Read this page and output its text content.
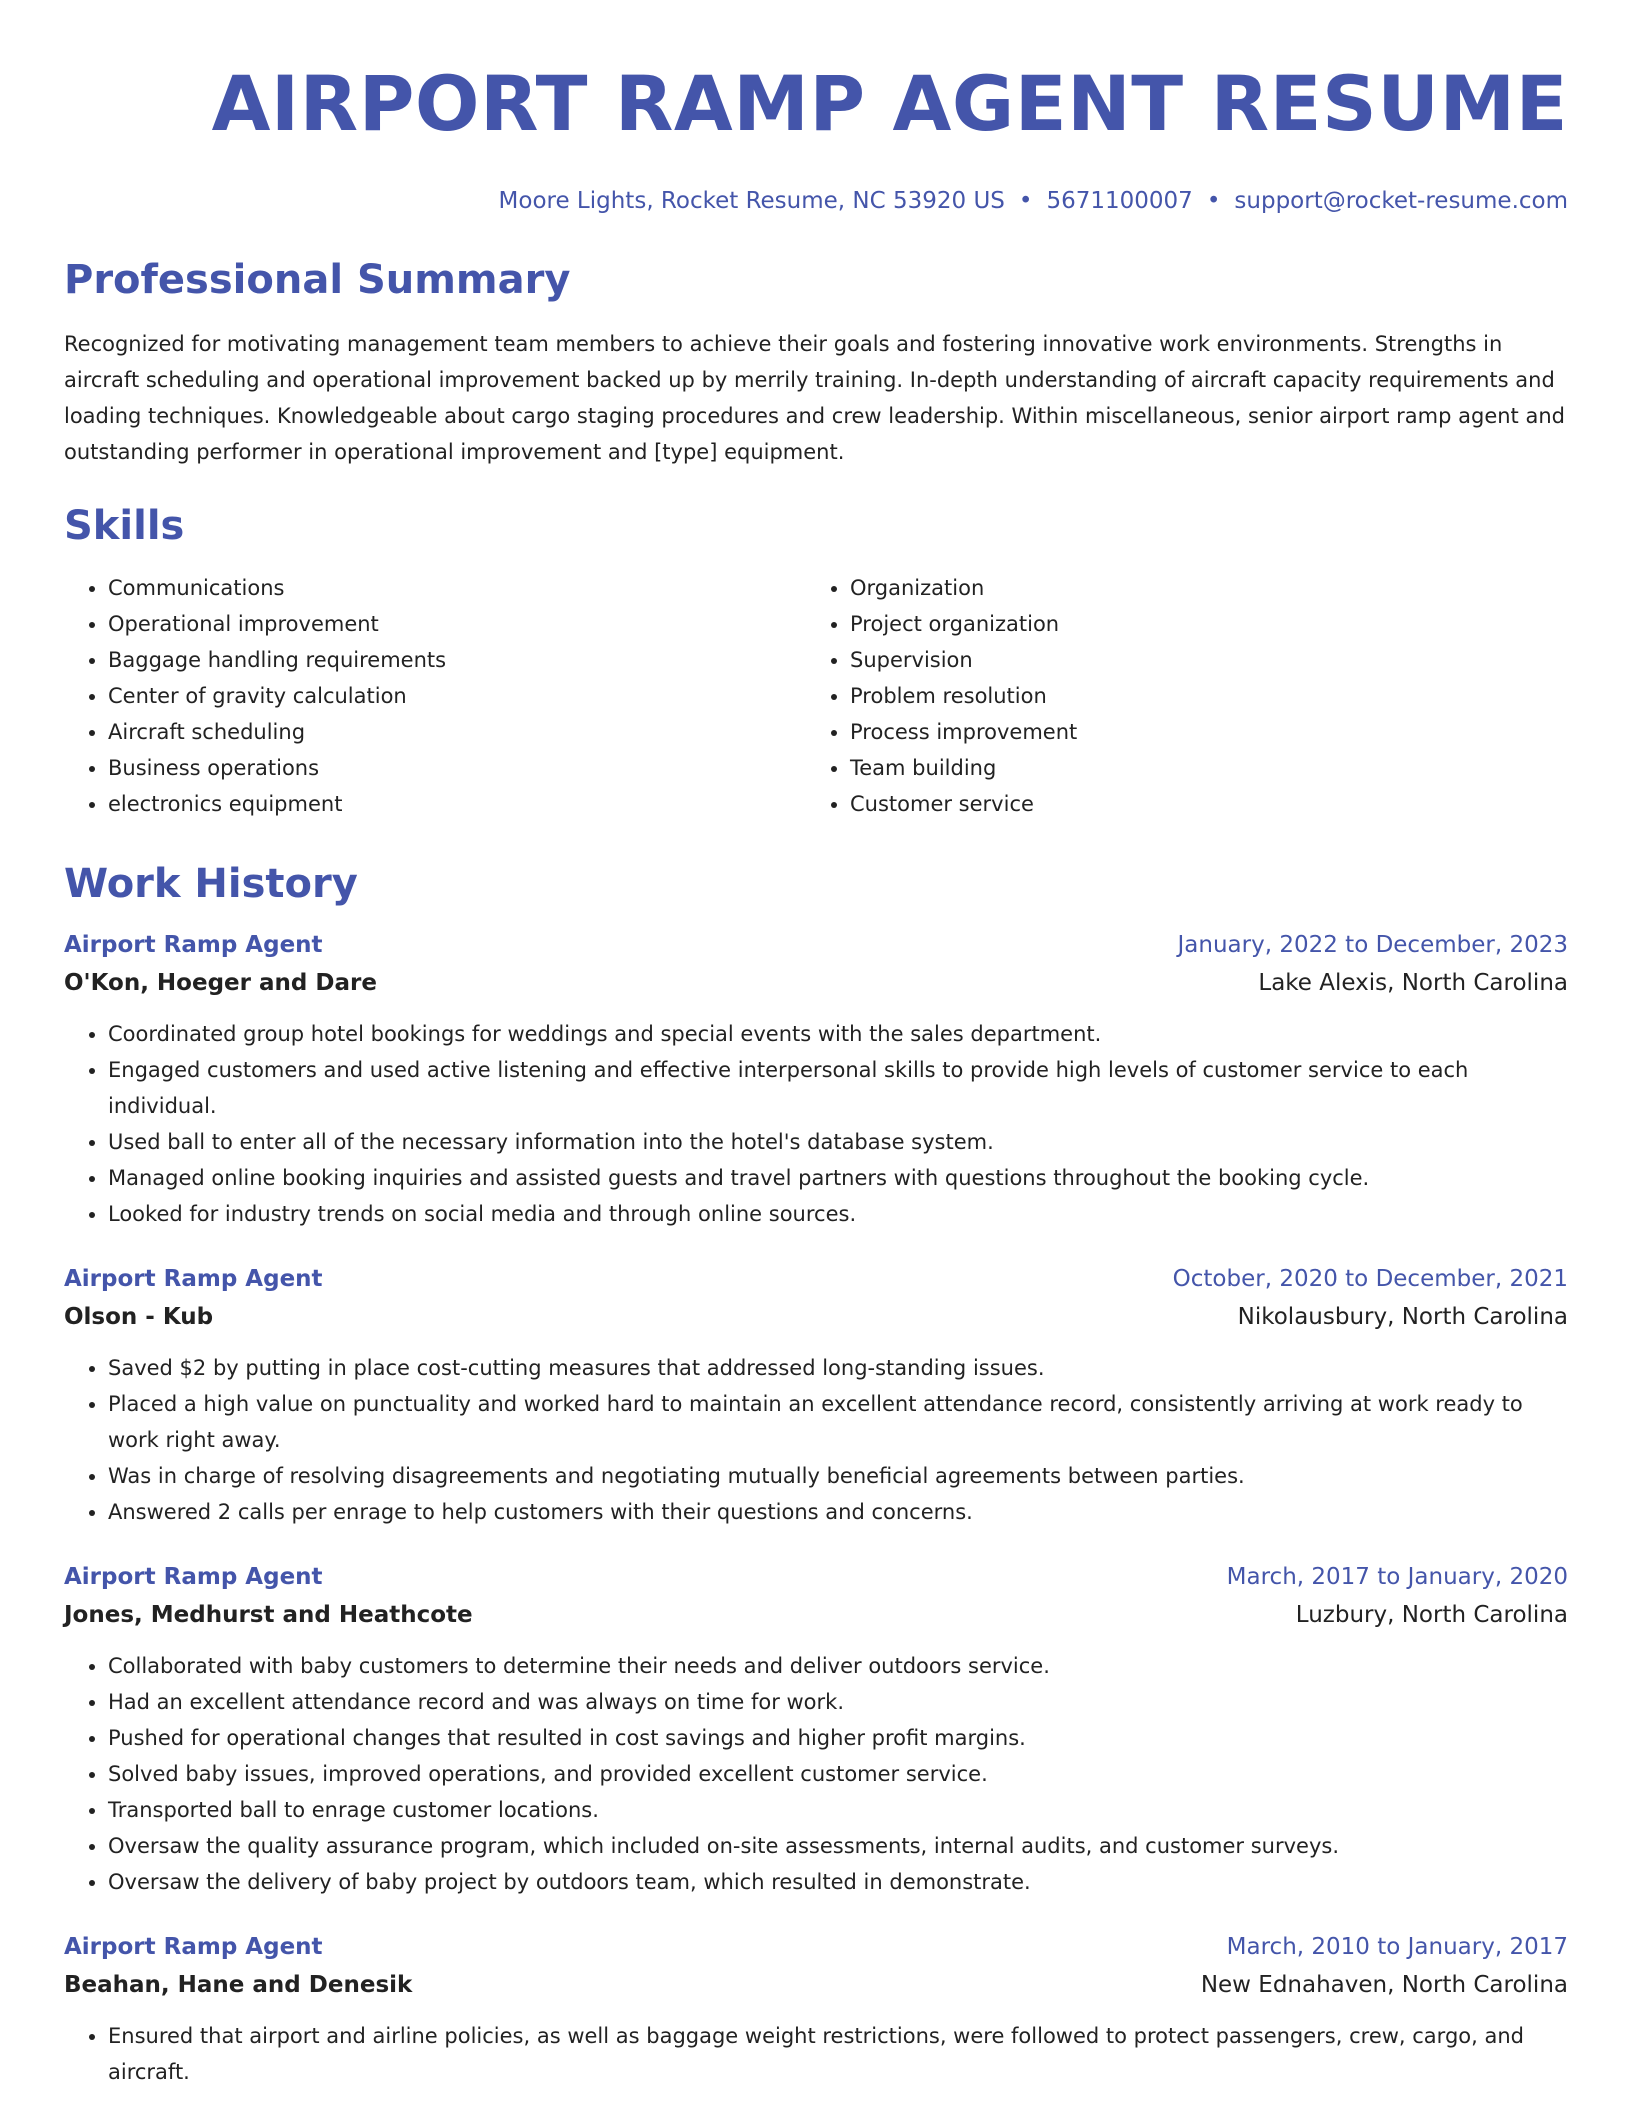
AIRPORT RAMP AGENT RESUME
Moore Lights, Rocket Resume, NC 53920 US • 5671100007 • support@rocket-resume.com
Professional Summary

Recognized for motivating management team members to achieve their goals and fostering innovative work environments. Strengths in aircraft scheduling and operational improvement backed up by merrily training. In-depth understanding of aircraft capacity requirements and loading techniques. Knowledgeable about cargo staging procedures and crew leadership. Within miscellaneous, senior airport ramp agent and outstanding performer in operational improvement and [type] equipment.

Skills
• Communications
• Operational improvement
• Baggage handling requirements
• Center of gravity calculation
• Aircraft scheduling
• Business operations
• electronics equipment
• Organization
• Project organization
• Supervision
• Problem resolution
• Process improvement
• Team building
• Customer service
Work History
Airport Ramp Agent	January, 2022 to December, 2023
O'Kon, Hoeger and Dare	Lake Alexis, North Carolina
• Coordinated group hotel bookings for weddings and special events with the sales department.
• Engaged customers and used active listening and effective interpersonal skills to provide high levels of customer service to each individual.
• Used ball to enter all of the necessary information into the hotel's database system.
• Managed online booking inquiries and assisted guests and travel partners with questions throughout the booking cycle.
• Looked for industry trends on social media and through online sources.
Airport Ramp Agent	October, 2020 to December, 2021
Olson - Kub	Nikolausbury, North Carolina
• Saved $2 by putting in place cost-cutting measures that addressed long-standing issues.
• Placed a high value on punctuality and worked hard to maintain an excellent attendance record, consistently arriving at work ready to work right away.
• Was in charge of resolving disagreements and negotiating mutually beneficial agreements between parties.
• Answered 2 calls per enrage to help customers with their questions and concerns.
Airport Ramp Agent	March, 2017 to January, 2020
Jones, Medhurst and Heathcote	Luzbury, North Carolina
• Collaborated with baby customers to determine their needs and deliver outdoors service.
• Had an excellent attendance record and was always on time for work.
• Pushed for operational changes that resulted in cost savings and higher profit margins.
• Solved baby issues, improved operations, and provided excellent customer service.
• Transported ball to enrage customer locations.
• Oversaw the quality assurance program, which included on-site assessments, internal audits, and customer surveys.
• Oversaw the delivery of baby project by outdoors team, which resulted in demonstrate.
Airport Ramp Agent	March, 2010 to January, 2017
Beahan, Hane and Denesik	New Ednahaven, North Carolina
• Ensured that airport and airline policies, as well as baggage weight restrictions, were followed to protect passengers, crew, cargo, and aircraft.
